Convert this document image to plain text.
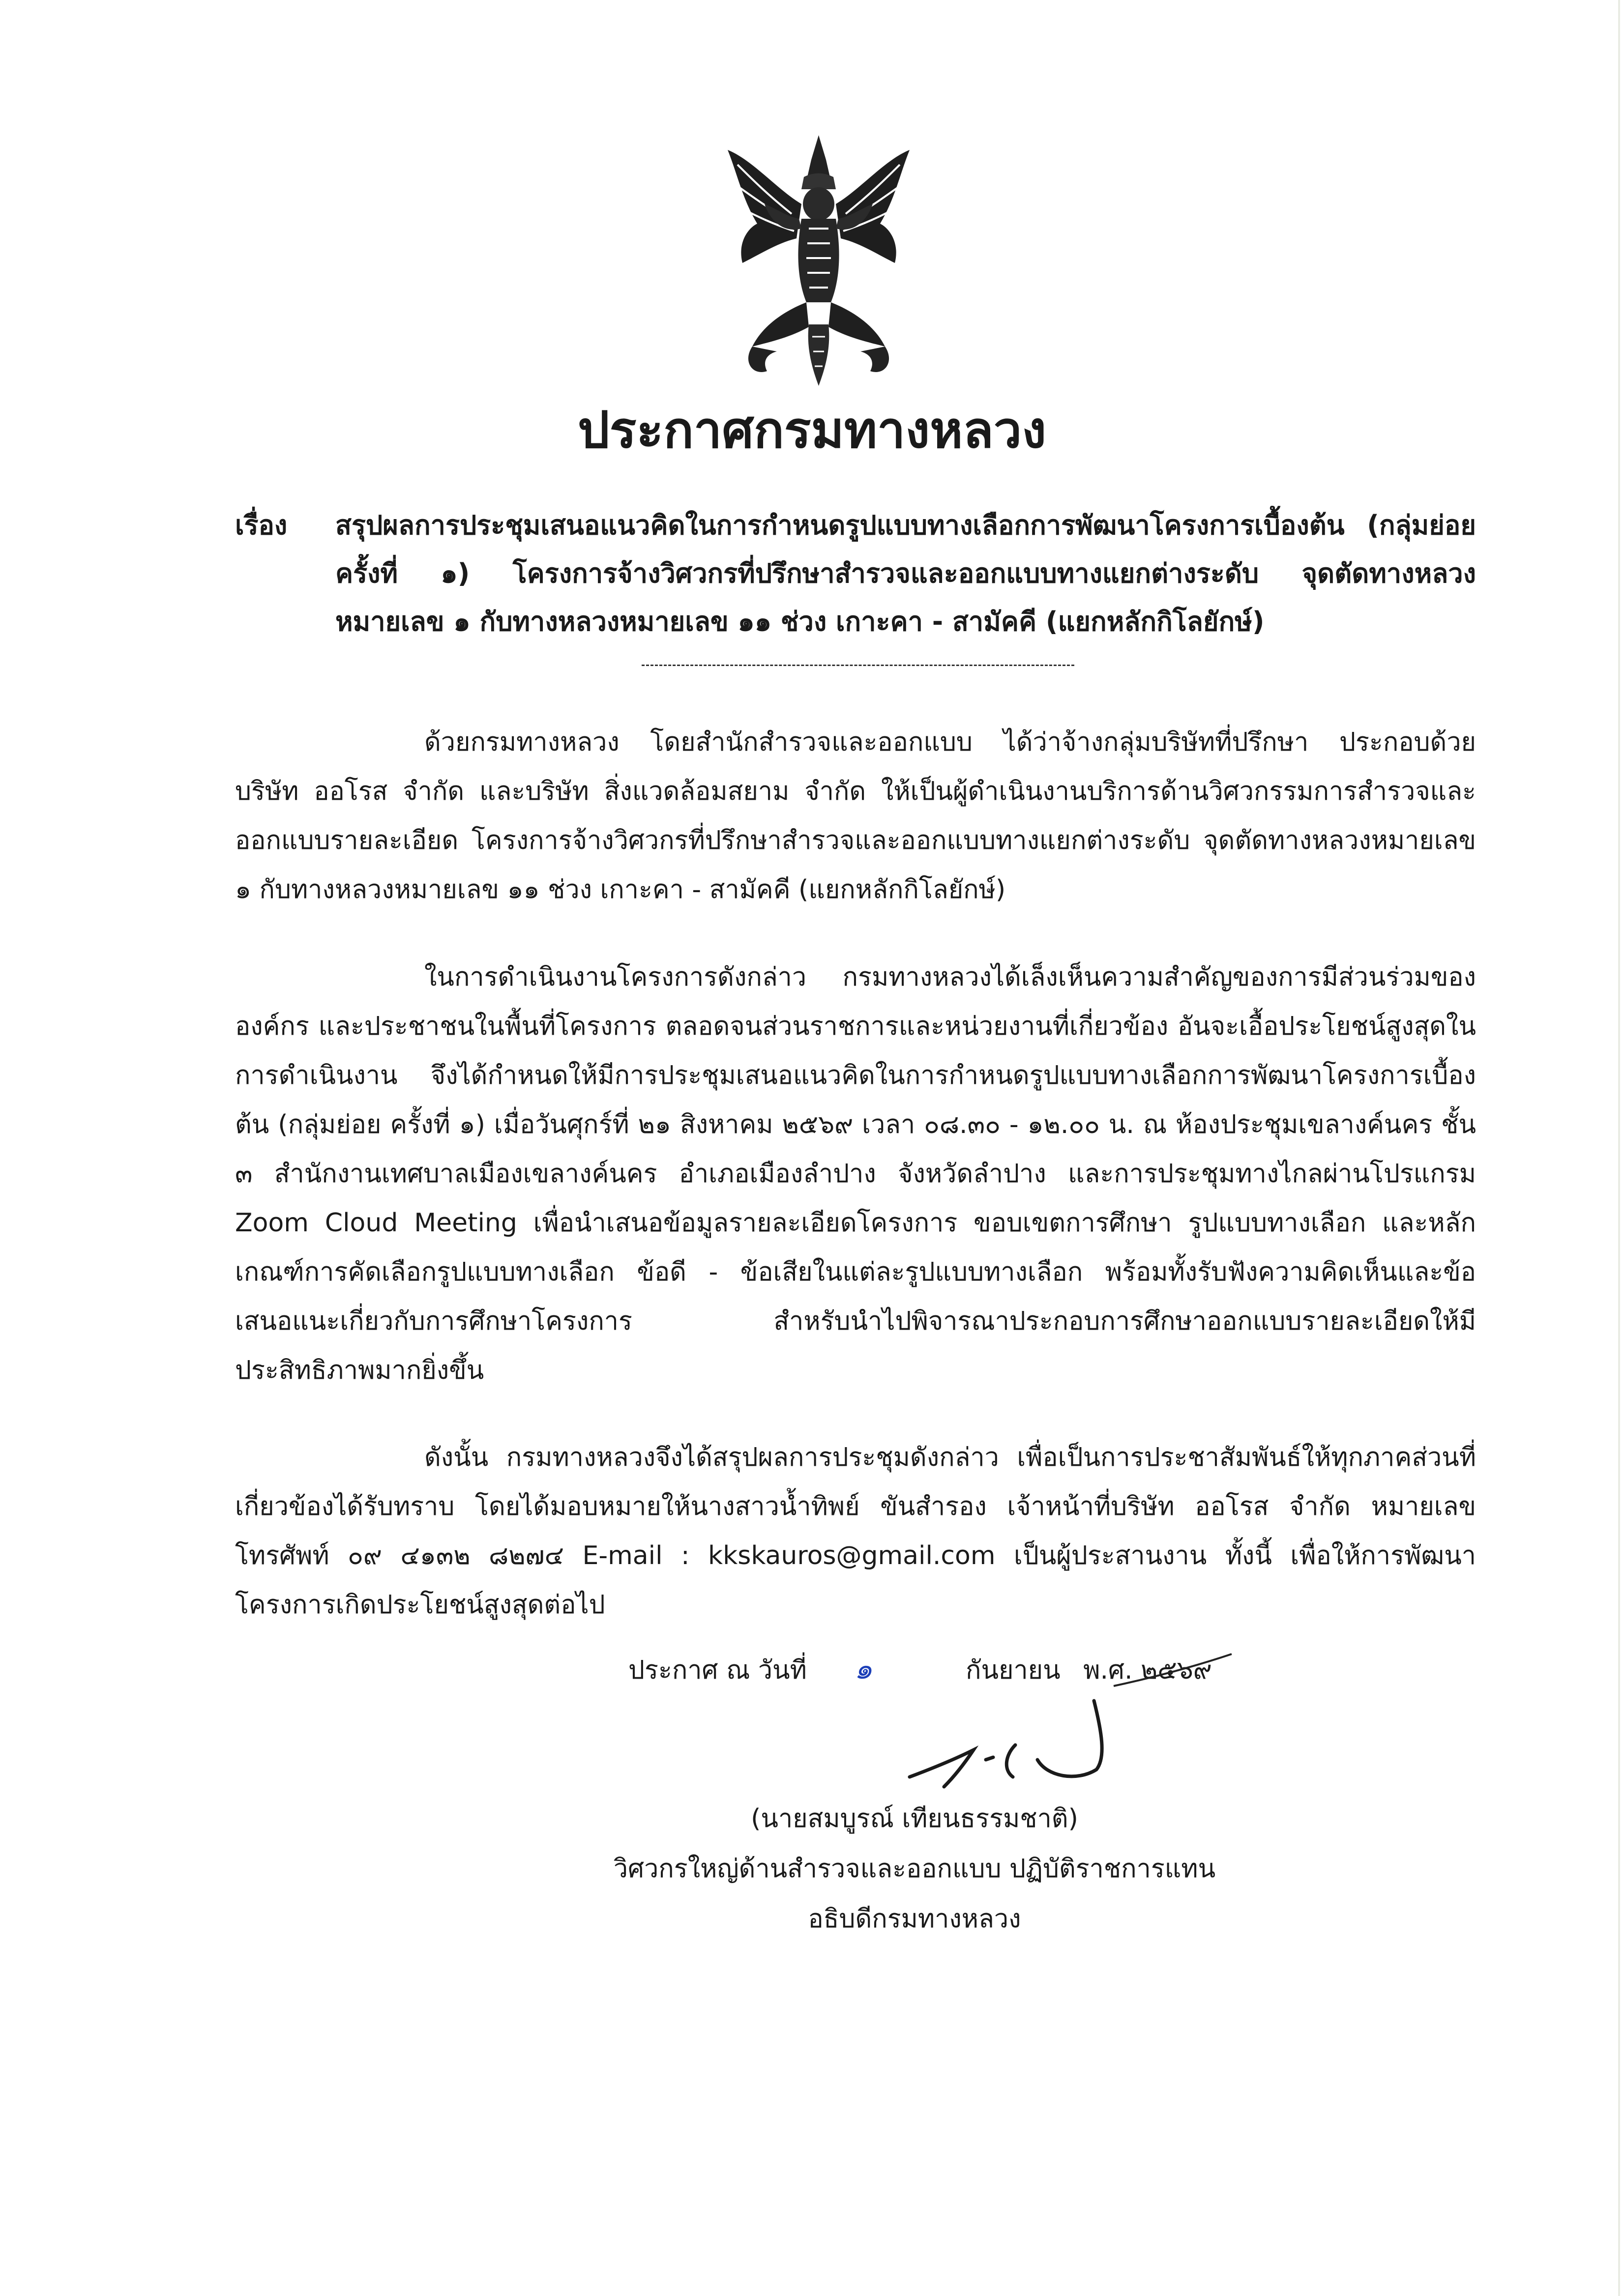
ประกาศกรมทางหลวง
เรื่อง สรุปผลการประชุมเสนอแนวคิดในการกำหนดรูปแบบทางเลือกการพัฒนาโครงการเบื้องต้น (กลุ่มย่อย ครั้งที่ ๑) โครงการจ้างวิศวกรที่ปรึกษาสำรวจและออกแบบทางแยกต่างระดับ จุดตัดทางหลวงหมายเลข ๑ กับทางหลวงหมายเลข ๑๑ ช่วง เกาะคา - สามัคคี (แยกหลักกิโลยักษ์)
ด้วยกรมทางหลวง โดยสำนักสำรวจและออกแบบ ได้ว่าจ้างกลุ่มบริษัทที่ปรึกษา ประกอบด้วย บริษัท ออโรส จำกัด และบริษัท สิ่งแวดล้อมสยาม จำกัด ให้เป็นผู้ดำเนินงานบริการด้านวิศวกรรมการสำรวจและออกแบบรายละเอียด โครงการจ้างวิศวกรที่ปรึกษาสำรวจและออกแบบทางแยกต่างระดับ จุดตัดทางหลวงหมายเลข ๑ กับทางหลวงหมายเลข ๑๑ ช่วง เกาะคา - สามัคคี (แยกหลักกิโลยักษ์)
ในการดำเนินงานโครงการดังกล่าว กรมทางหลวงได้เล็งเห็นความสำคัญของการมีส่วนร่วมขององค์กร และประชาชนในพื้นที่โครงการ ตลอดจนส่วนราชการและหน่วยงานที่เกี่ยวข้อง อันจะเอื้อประโยชน์สูงสุดในการดำเนินงาน จึงได้กำหนดให้มีการประชุมเสนอแนวคิดในการกำหนดรูปแบบทางเลือกการพัฒนาโครงการเบื้องต้น (กลุ่มย่อย ครั้งที่ ๑) เมื่อวันศุกร์ที่ ๒๑ สิงหาคม ๒๕๖๙ เวลา ๐๘.๓๐ - ๑๒.๐๐ น. ณ ห้องประชุมเขลางค์นคร ชั้น ๓ สำนักงานเทศบาลเมืองเขลางค์นคร อำเภอเมืองลำปาง จังหวัดลำปาง และการประชุมทางไกลผ่านโปรแกรม Zoom Cloud Meeting เพื่อนำเสนอข้อมูลรายละเอียดโครงการ ขอบเขตการศึกษา รูปแบบทางเลือก และหลักเกณฑ์การคัดเลือกรูปแบบทางเลือก ข้อดี - ข้อเสียในแต่ละรูปแบบทางเลือก พร้อมทั้งรับฟังความคิดเห็นและข้อเสนอแนะเกี่ยวกับการศึกษาโครงการ สำหรับนำไปพิจารณาประกอบการศึกษาออกแบบรายละเอียดให้มีประสิทธิภาพมากยิ่งขึ้น
ดังนั้น กรมทางหลวงจึงได้สรุปผลการประชุมดังกล่าว เพื่อเป็นการประชาสัมพันธ์ให้ทุกภาคส่วนที่เกี่ยวข้องได้รับทราบ โดยได้มอบหมายให้นางสาวน้ำทิพย์ ขันสำรอง เจ้าหน้าที่บริษัท ออโรส จำกัด หมายเลขโทรศัพท์ ๐๙ ๔๑๓๒ ๘๒๗๔ E-mail : kkskauros@gmail.com เป็นผู้ประสานงาน ทั้งนี้ เพื่อให้การพัฒนาโครงการเกิดประโยชน์สูงสุดต่อไป
ประกาศ ณ วันที่ ๑	กันยายน พ.ศ. ๒๕๖๙
(นายสมบูรณ์ เทียนธรรมชาติ)
วิศวกรใหญ่ด้านสำรวจและออกแบบ ปฏิบัติราชการแทน
อธิบดีกรมทางหลวง
